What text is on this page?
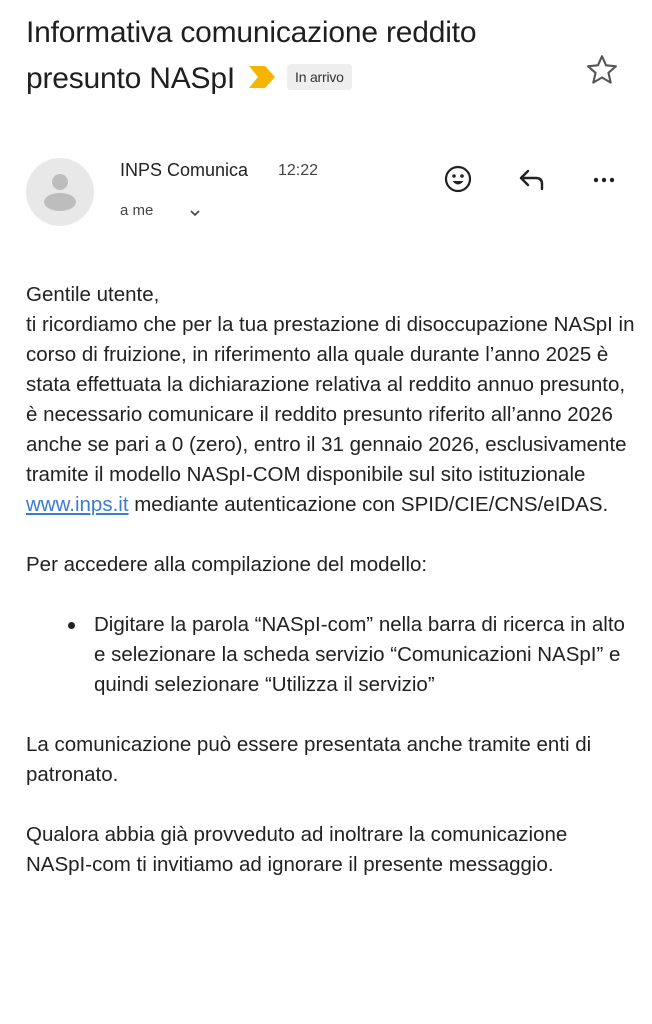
Informativa comunicazione reddito
presunto NASpI	In arrivo
INPS Comunica 12:22
a me

Gentile utente,

ti ricordiamo che per la tua prestazione di disoccupazione NASpI in corso di fruizione, in riferimento alla quale durante l’anno 2025 è stata effettuata la dichiarazione relativa al reddito annuo presunto, è necessario comunicare il reddito presunto riferito all’anno 2026 anche se pari a 0 (zero), entro il 31 gennaio 2026, esclusivamente tramite il modello NASpI-COM disponibile sul sito istituzionale www.inps.it mediante autenticazione con SPID/CIE/CNS/eIDAS.

Per accedere alla compilazione del modello:

Digitare la parola “NASpI-com” nella barra di ricerca in alto e selezionare la scheda servizio “Comunicazioni NASpI” e quindi selezionare “Utilizza il servizio”

La comunicazione può essere presentata anche tramite enti di patronato.

Qualora abbia già provveduto ad inoltrare la comunicazione NASpI-com ti invitiamo ad ignorare il presente messaggio.
